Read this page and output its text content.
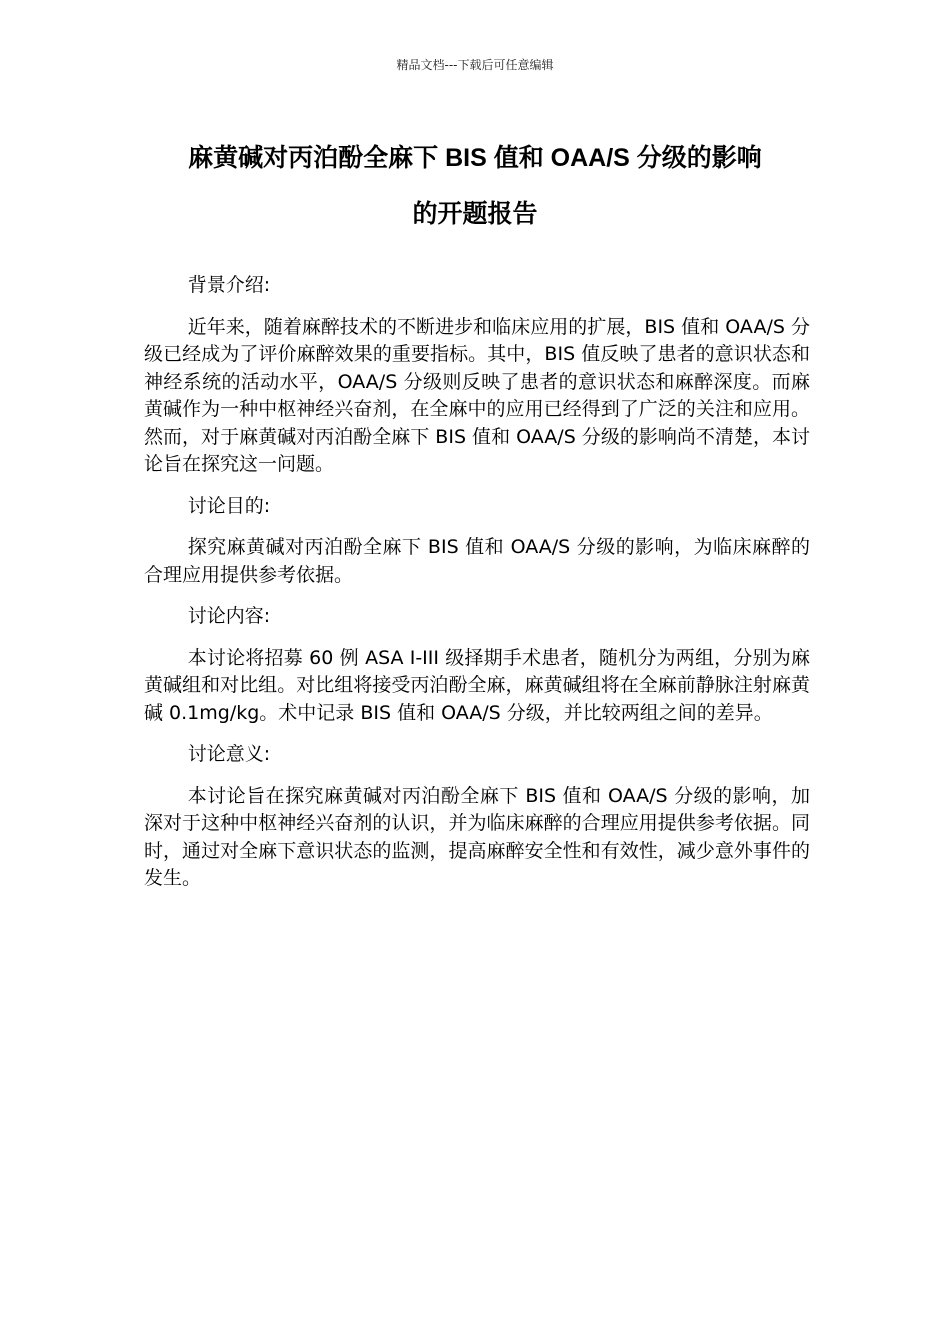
精品文档---下载后可任意编辑
麻黄碱对丙泊酚全麻下 BIS 值和 OAA/S 分级的影响
的开题报告

背景介绍:

近年来，随着麻醉技术的不断进步和临床应用的扩展，BIS 值和 OAA/S 分级已经成为了评价麻醉效果的重要指标。其中，BIS 值反映了患者的意识状态和神经系统的活动水平，OAA/S 分级则反映了患者的意识状态和麻醉深度。而麻黄碱作为一种中枢神经兴奋剂，在全麻中的应用已经得到了广泛的关注和应用。然而，对于麻黄碱对丙泊酚全麻下 BIS 值和 OAA/S 分级的影响尚不清楚，本讨论旨在探究这一问题。

讨论目的:

探究麻黄碱对丙泊酚全麻下 BIS 值和 OAA/S 分级的影响，为临床麻醉的合理应用提供参考依据。

讨论内容:

本讨论将招募 60 例 ASA I-III 级择期手术患者，随机分为两组，分别为麻黄碱组和对比组。对比组将接受丙泊酚全麻，麻黄碱组将在全麻前静脉注射麻黄碱 0.1mg/kg。术中记录 BIS 值和 OAA/S 分级，并比较两组之间的差异。

讨论意义:

本讨论旨在探究麻黄碱对丙泊酚全麻下 BIS 值和 OAA/S 分级的影响，加深对于这种中枢神经兴奋剂的认识，并为临床麻醉的合理应用提供参考依据。同时，通过对全麻下意识状态的监测，提高麻醉安全性和有效性，减少意外事件的发生。
